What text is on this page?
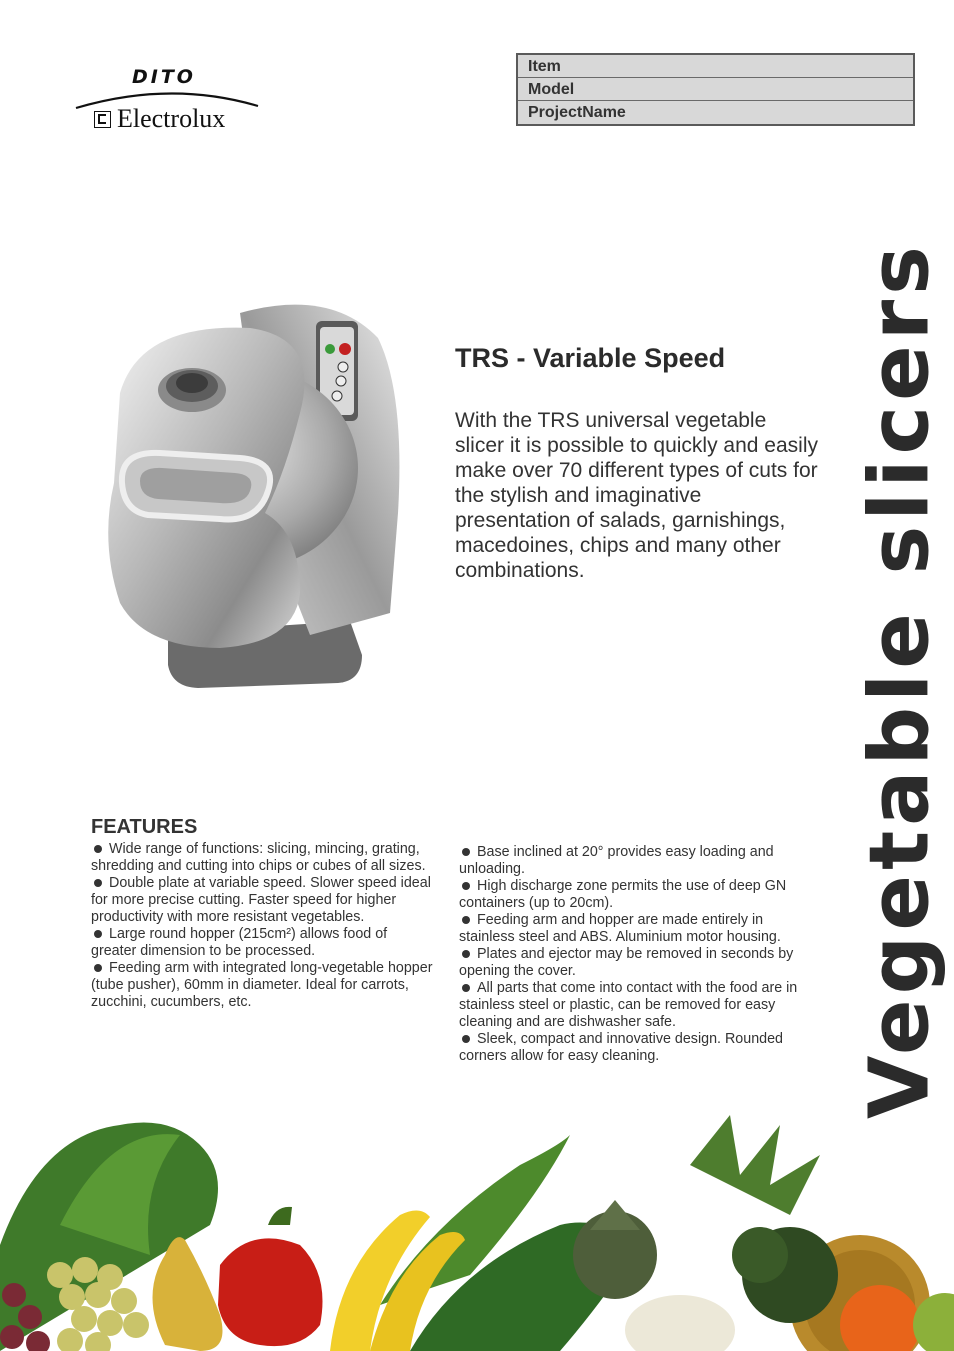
DITO
Electrolux
Item
Model
ProjectName
TRS - Variable Speed
With the TRS universal vegetable slicer it is possible to quickly and easily make over 70 different types of cuts for the stylish and imaginative presentation of salads, garnishings, macedoines, chips and many other combinations.	Vegetable slicers
FEATURES

Wide range of functions: slicing, mincing, grating, shredding and cutting into chips or cubes of all sizes.

Double plate at variable speed. Slower speed ideal for more precise cutting. Faster speed for higher productivity with more resistant vegetables.

Large round hopper (215cm²) allows food of greater dimension to be processed.

Feeding arm with integrated long-vegetable hopper (tube pusher), 60mm in diameter. Ideal for carrots, zucchini, cucumbers, etc.

Base inclined at 20° provides easy loading and unloading.

High discharge zone permits the use of deep GN containers (up to 20cm).

Feeding arm and hopper are made entirely in stainless steel and ABS. Aluminium motor housing.

Plates and ejector may be removed in seconds by opening the cover.

All parts that come into contact with the food are in stainless steel or plastic, can be removed for easy cleaning and are dishwasher safe.

Sleek, compact and innovative design. Rounded corners allow for easy cleaning.
